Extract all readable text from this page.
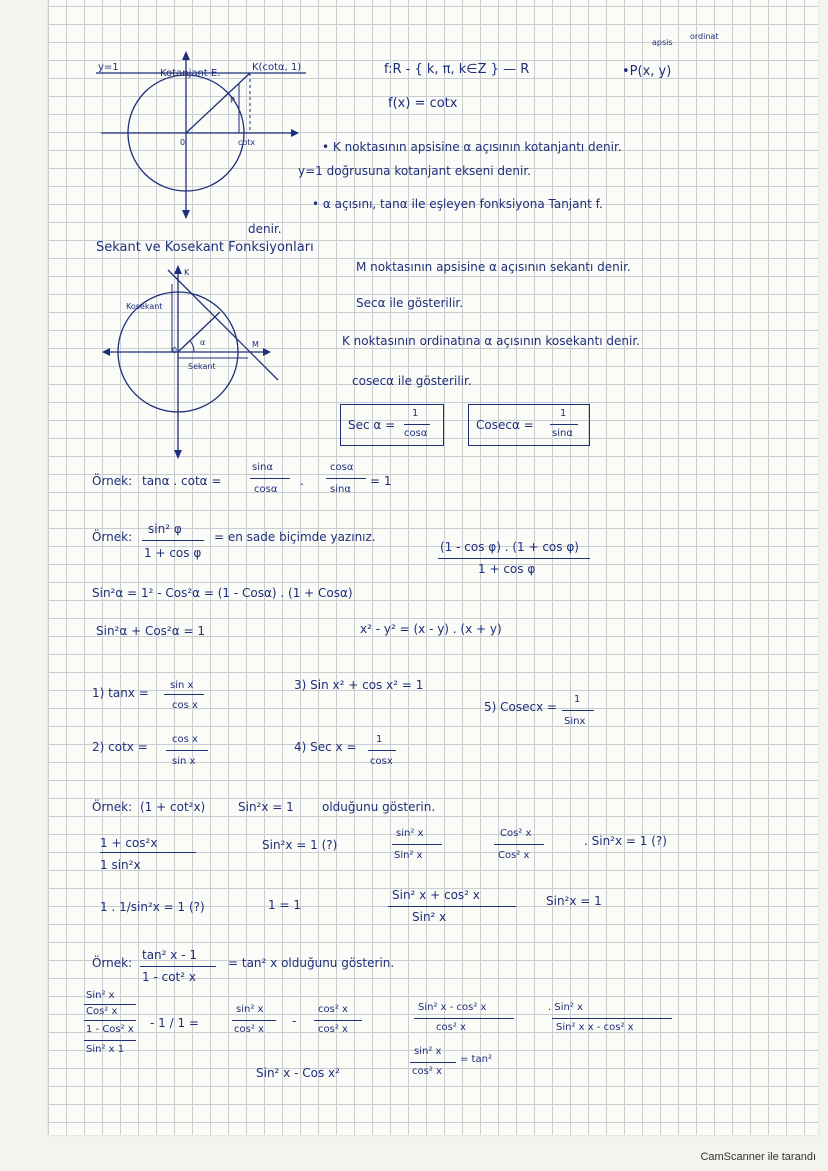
f:R - { k, π, k∈Z } — R
f(x) = cotx
•P(x, y)
apsis
ordinat
y=1
Kotanjant E.
K(cotα, 1)
P
0	cotx	• K noktasının apsisine α açısının kotanjantı denir.
y=1 doğrusuna kotanjant ekseni denir.
• α açısını, tanα ile eşleyen fonksiyona Tanjant f.
denir.
Sekant ve Kosekant Fonksiyonları
K
Kosekant
α
0
M
Sekant
M noktasının apsisine α açısının sekantı denir.
Secα ile gösterilir.
K noktasının ordinatına α açısının kosekantı denir.
cosecα ile gösterilir.
Sec α =
1
cosα
Cosecα =
1
sinα
Örnek: tanα . cotα =
sinα
cosα
.
cosα
sinα
= 1
Örnek:
sin² φ
1 + cos φ
= en sade biçimde yazınız.
(1 - cos φ) . (1 + cos φ)
1 + cos φ
Sin²α = 1² - Cos²α = (1 - Cosα) . (1 + Cosα)
Sin²α + Cos²α = 1	x² - y² = (x - y) . (x + y)
1) tanx =
sin x
cos x
2) cotx =
cos x
sin x
3) Sin x² + cos x² = 1
4) Sec x =
1
cosx
5) Cosecx =
1
Sinx
Örnek: (1 + cot²x)	Sin²x = 1 olduğunu gösterin.
1 + cos²x
1 sin²x
Sin²x = 1 (?)
sin² x
Sin² x
Cos² x
Cos² x
. Sin²x = 1 (?)
1 . 1/sin²x = 1 (?)	1 = 1
Sin² x + cos² x
Sin² x
Sin²x = 1
Örnek:
tan² x - 1
1 - cot² x
= tan² x olduğunu gösterin.
Sin² x
Cos² x
1 - Cos² x
Sin² x 1
- 1 / 1 =
sin² x
cos² x
-
cos² x
cos² x
Sin² x - cos² x
cos² x
. Sin² x
Sin² x x - cos² x
sin² x
cos² x
= tan²
Sin² x - Cos x²
CamScanner ile tarandı
